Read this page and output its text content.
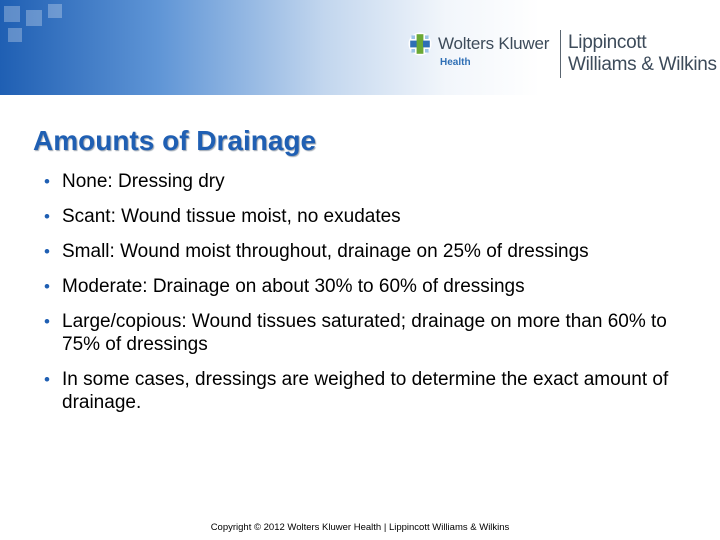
Wolters Kluwer
Health
Lippincott
Williams & Wilkins
Amounts of Drainage
• None: Dressing dry
• Scant: Wound tissue moist, no exudates
• Small: Wound moist throughout, drainage on 25% of dressings
• Moderate: Drainage on about 30% to 60% of dressings
• Large/copious: Wound tissues saturated; drainage on more than 60% to 75% of dressings
• In some cases, dressings are weighed to determine the exact amount of drainage.
Copyright © 2012 Wolters Kluwer Health | Lippincott Williams & Wilkins
